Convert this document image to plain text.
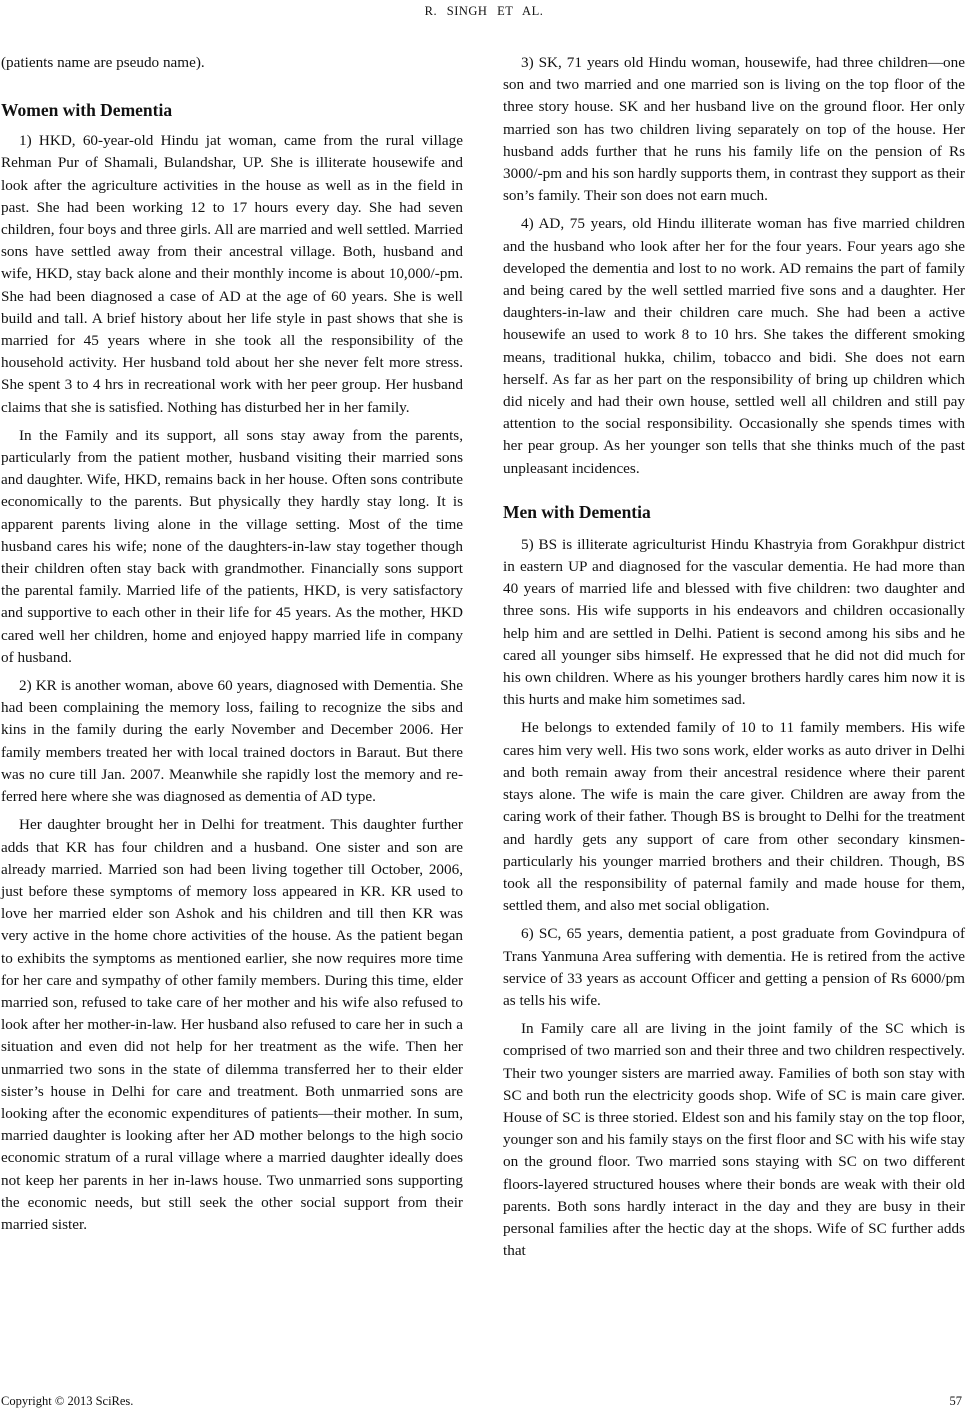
R. SINGH ET AL.

(patients name are pseudo name).

Women with Dementia

1) HKD, 60-year-old Hindu jat woman, came from the rural village Rehman Pur of Shamali, Bulandshar, UP. She is illiterate housewife and look after the agriculture activities in the house as well as in the field in past. She had been working 12 to 17 hours every day. She had seven children, four boys and three girls. All are married and well settled. Married sons have settled away from their ancestral village. Both, husband and wife, HKD, stay back alone and their monthly income is about 10,000/-pm. She had been diagnosed a case of AD at the age of 60 years. She is well build and tall. A brief history about her life style in past shows that she is married for 45 years where in she took all the responsibility of the household activity. Her husband told about her she never felt more stress. She spent 3 to 4 hrs in recreational work with her peer group. Her husband claims that she is satisfied. Nothing has disturbed her in her family.

In the Family and its support, all sons stay away from the parents, particularly from the patient mother, husband visiting their married sons and daughter. Wife, HKD, remains back in her house. Often sons contribute economically to the parents. But physically they hardly stay long. It is apparent parents living alone in the village setting. Most of the time husband cares his wife; none of the daughters-in-law stay together though their children often stay back with grandmother. Financially sons support the parental family. Married life of the patients, HKD, is very satisfactory and supportive to each other in their life for 45 years. As the mother, HKD cared well her children, home and enjoyed happy married life in company of husband.

2) KR is another woman, above 60 years, diagnosed with Dementia. She had been complaining the memory loss, failing to recognize the sibs and kins in the family during the early November and December 2006. Her family members treated her with local trained doctors in Baraut. But there was no cure till Jan. 2007. Meanwhile she rapidly lost the memory and referred here where she was diagnosed as dementia of AD type.

Her daughter brought her in Delhi for treatment. This daughter further adds that KR has four children and a husband. One sister and son are already married. Married son had been living together till October, 2006, just before these symptoms of memory loss appeared in KR. KR used to love her married elder son Ashok and his children and till then KR was very active in the home chore activities of the house. As the patient began to exhibits the symptoms as mentioned earlier, she now requires more time for her care and sympathy of other family members. During this time, elder married son, refused to take care of her mother and his wife also refused to look after her mother-in-law. Her husband also refused to care her in such a situation and even did not help for her treatment as the wife. Then her unmarried two sons in the state of dilemma transferred her to their elder sister’s house in Delhi for care and treatment. Both unmarried sons are looking after the economic expenditures of patients—their mother. In sum, married daughter is looking after her AD mother belongs to the high socio economic stratum of a rural village where a married daughter ideally does not keep her parents in her in-laws house. Two unmarried sons supporting the economic needs, but still seek the other social support from their married sister.

3) SK, 71 years old Hindu woman, housewife, had three children—one son and two married and one married son is living on the top floor of the three story house. SK and her husband live on the ground floor. Her only married son has two children living separately on top of the house. Her husband adds further that he runs his family life on the pension of Rs 3000/-pm and his son hardly supports them, in contrast they support as their son’s family. Their son does not earn much.

4) AD, 75 years, old Hindu illiterate woman has five married children and the husband who look after her for the four years. Four years ago she developed the dementia and lost to no work. AD remains the part of family and being cared by the well settled married five sons and a daughter. Her daughters-in-law and their children care much. She had been a active housewife an used to work 8 to 10 hrs. She takes the different smoking means, traditional hukka, chilim, tobacco and bidi. She does not earn herself. As far as her part on the responsibility of bring up children which did nicely and had their own house, settled well all children and still pay attention to the social responsibility. Occasionally she spends times with her pear group. As her younger son tells that she thinks much of the past unpleasant incidences.

Men with Dementia

5) BS is illiterate agriculturist Hindu Khastryia from Gorakhpur district in eastern UP and diagnosed for the vascular dementia. He had more than 40 years of married life and blessed with five children: two daughter and three sons. His wife supports in his endeavors and children occasionally help him and are settled in Delhi. Patient is second among his sibs and he cared all younger sibs himself. He expressed that he did not did much for his own children. Where as his younger brothers hardly cares him now it is this hurts and make him sometimes sad.

He belongs to extended family of 10 to 11 family members. His wife cares him very well. His two sons work, elder works as auto driver in Delhi and both remain away from their ancestral residence where their parent stays alone. The wife is main the care giver. Children are away from the caring work of their father. Though BS is brought to Delhi for the treatment and hardly gets any support of care from other secondary kinsmenparticularly his younger married brothers and their children. Though, BS took all the responsibility of paternal family and made house for them, settled them, and also met social obligation.

6) SC, 65 years, dementia patient, a post graduate from Govindpura of Trans Yanmuna Area suffering with dementia. He is retired from the active service of 33 years as account Officer and getting a pension of Rs 6000/pm as tells his wife.

In Family care all are living in the joint family of the SC which is comprised of two married son and their three and two children respectively. Their two younger sisters are married away. Families of both son stay with SC and both run the electricity goods shop. Wife of SC is main care giver. House of SC is three storied. Eldest son and his family stay on the top floor, younger son and his family stays on the first floor and SC with his wife stay on the ground floor. Two married sons staying with SC on two different floors-layered structured houses where their bonds are weak with their old parents. Both sons hardly interact in the day and they are busy in their personal families after the hectic day at the shops. Wife of SC further adds that

Copyright © 2013 SciRes.	57
